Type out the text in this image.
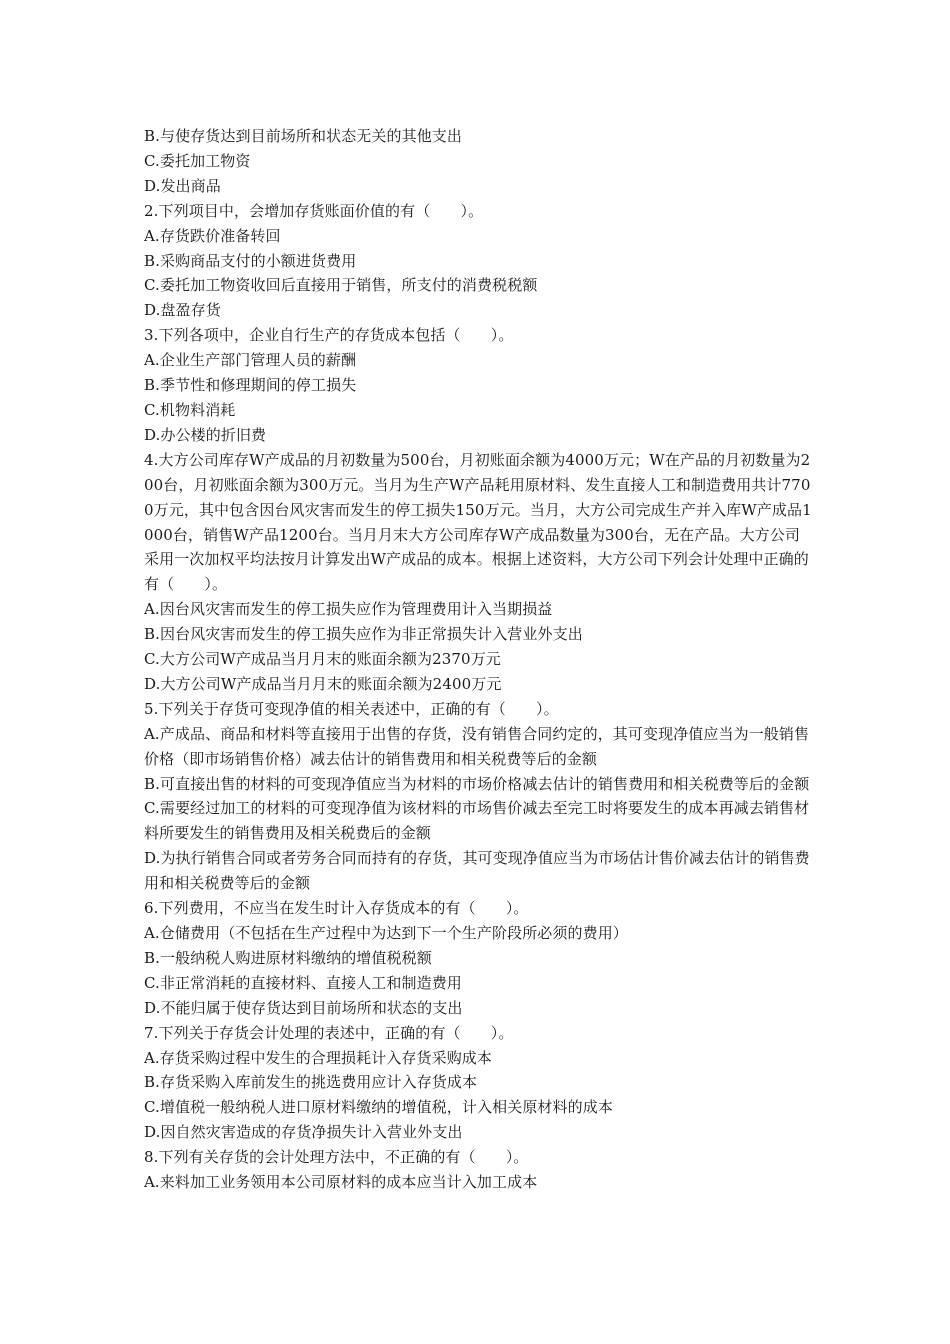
B.与使存货达到目前场所和状态无关的其他支出

C.委托加工物资

D.发出商品

2.下列项目中，会增加存货账面价值的有（　　）。

A.存货跌价准备转回

B.采购商品支付的小额进货费用

C.委托加工物资收回后直接用于销售，所支付的消费税税额

D.盘盈存货

3.下列各项中，企业自行生产的存货成本包括（　　）。

A.企业生产部门管理人员的薪酬

B.季节性和修理期间的停工损失

C.机物料消耗

D.办公楼的折旧费

4.大方公司库存W产成品的月初数量为500台，月初账面余额为4000万元；W在产品的月初数量为200台，月初账面余额为300万元。当月为生产W产品耗用原材料、发生直接人工和制造费用共计7700万元，其中包含因台风灾害而发生的停工损失150万元。当月，大方公司完成生产并入库W产成品1000台，销售W产品1200台。当月月末大方公司库存W产成品数量为300台，无在产品。大方公司采用一次加权平均法按月计算发出W产成品的成本。根据上述资料，大方公司下列会计处理中正确的有（　　）。

A.因台风灾害而发生的停工损失应作为管理费用计入当期损益

B.因台风灾害而发生的停工损失应作为非正常损失计入营业外支出

C.大方公司W产成品当月月末的账面余额为2370万元

D.大方公司W产成品当月月末的账面余额为2400万元

5.下列关于存货可变现净值的相关表述中，正确的有（　　）。

A.产成品、商品和材料等直接用于出售的存货，没有销售合同约定的，其可变现净值应当为一般销售价格（即市场销售价格）减去估计的销售费用和相关税费等后的金额

B.可直接出售的材料的可变现净值应当为材料的市场价格减去估计的销售费用和相关税费等后的金额

C.需要经过加工的材料的可变现净值为该材料的市场售价减去至完工时将要发生的成本再减去销售材料所要发生的销售费用及相关税费后的金额

D.为执行销售合同或者劳务合同而持有的存货，其可变现净值应当为市场估计售价减去估计的销售费用和相关税费等后的金额

6.下列费用，不应当在发生时计入存货成本的有（　　）。

A.仓储费用（不包括在生产过程中为达到下一个生产阶段所必须的费用）

B.一般纳税人购进原材料缴纳的增值税税额

C.非正常消耗的直接材料、直接人工和制造费用

D.不能归属于使存货达到目前场所和状态的支出

7.下列关于存货会计处理的表述中，正确的有（　　）。

A.存货采购过程中发生的合理损耗计入存货采购成本

B.存货采购入库前发生的挑选费用应计入存货成本

C.增值税一般纳税人进口原材料缴纳的增值税，计入相关原材料的成本

D.因自然灾害造成的存货净损失计入营业外支出

8.下列有关存货的会计处理方法中，不正确的有（　　）。

A.来料加工业务领用本公司原材料的成本应当计入加工成本
